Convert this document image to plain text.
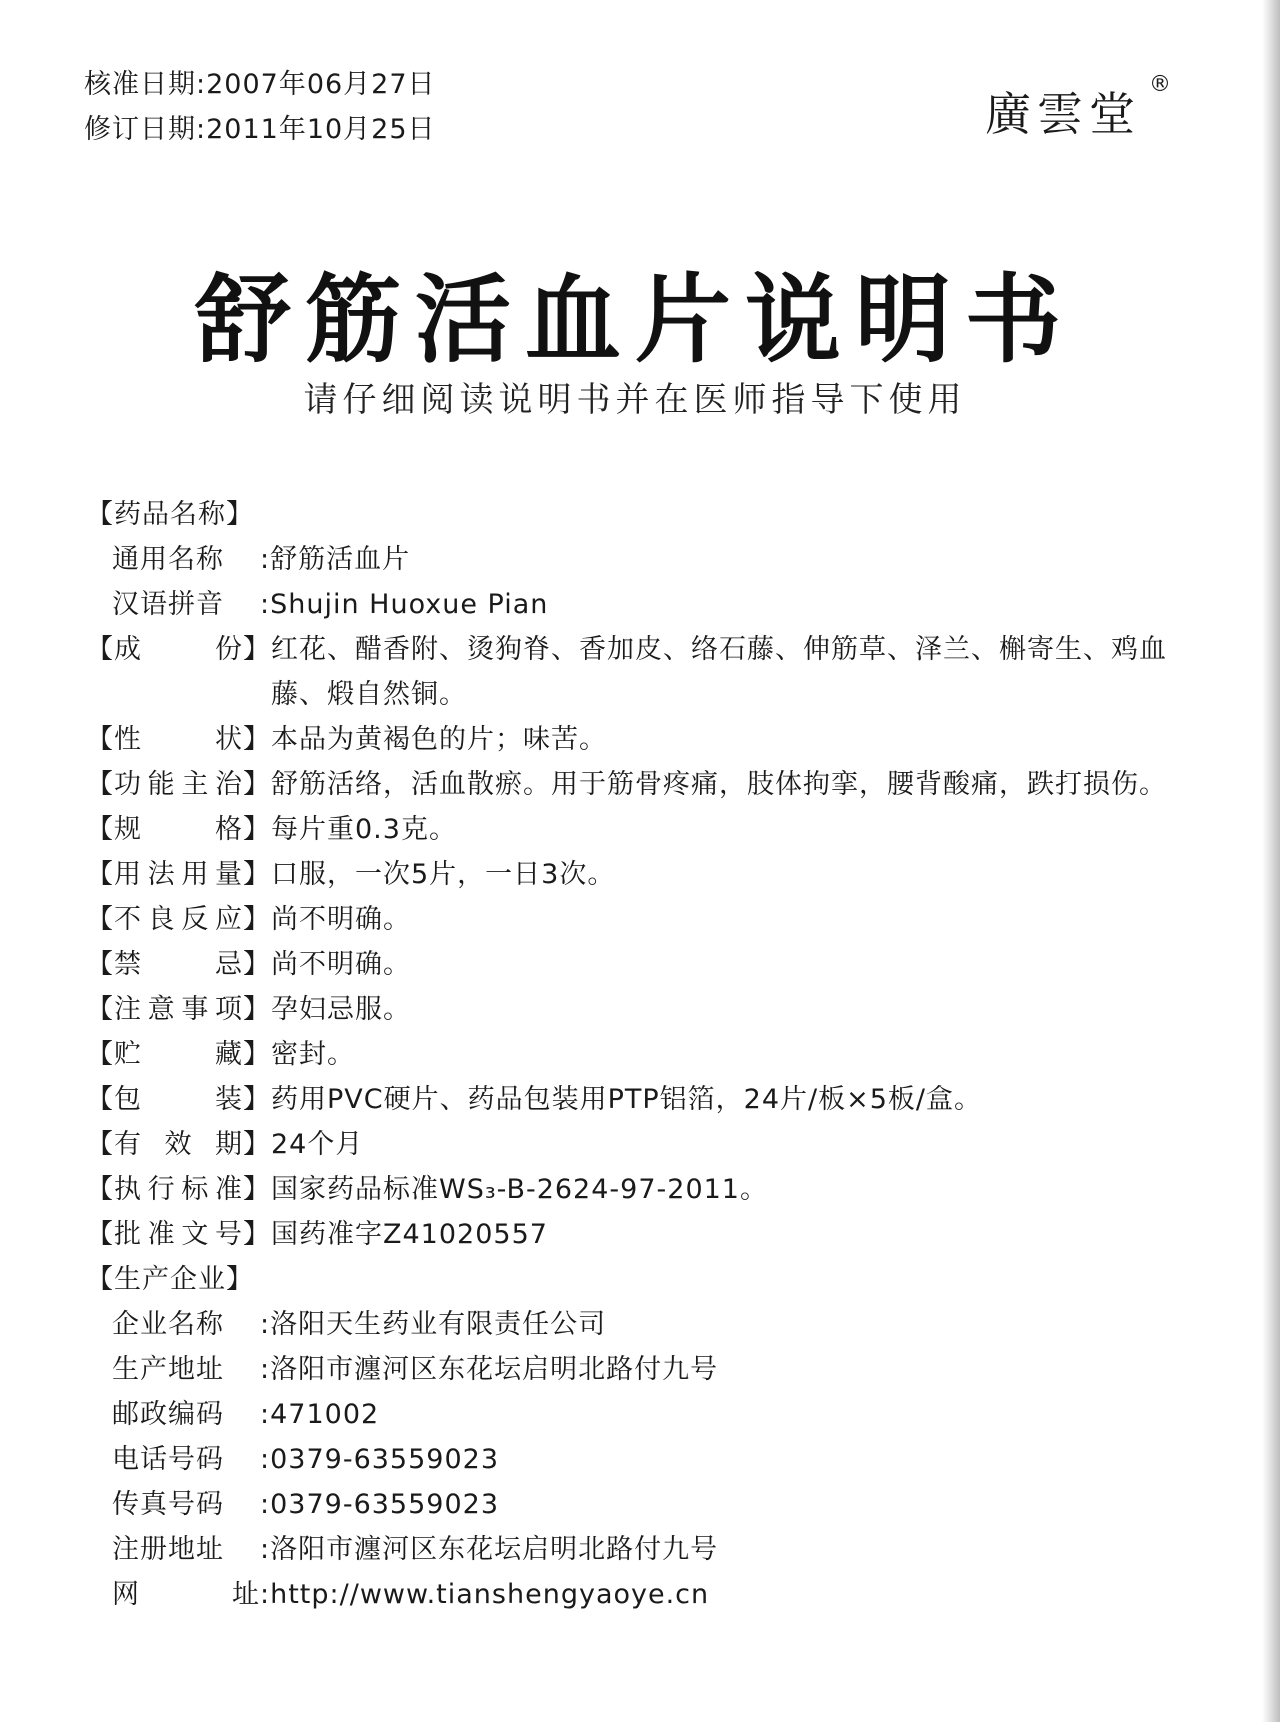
核准日期:2007年06月27日
修订日期:2011年10月25日	廣雲堂
®
舒筋活血片说明书
请仔细阅读说明书并在医师指导下使用
【药品名称】
通用名称	: 舒筋活血片
汉语拼音	: Shujin Huoxue Pian
【 成	份 】 红花、醋香附、烫狗脊、香加皮、络石藤、伸筋草、泽兰、槲寄生、鸡血藤、煅自然铜。
【 性	状 】 本品为黄褐色的片；味苦。
【 功 能 主 治 】 舒筋活络，活血散瘀。用于筋骨疼痛，肢体拘挛，腰背酸痛，跌打损伤。
【 规	格 】 每片重0.3克。
【 用 法 用 量 】 口服，一次5片，一日3次。
【 不 良 反 应 】 尚不明确。
【 禁	忌 】 尚不明确。
【 注 意 事 项 】 孕妇忌服。
【 贮	藏 】 密封。
【 包	装 】 药用PVC硬片、药品包装用PTP铝箔，24片/板×5板/盒。
【 有 效 期 】 24个月
【 执 行 标 准 】 国家药品标准WS₃-B-2624-97-2011。
【 批 准 文 号 】 国药准字Z41020557
【生产企业】
企业名称	: 洛阳天生药业有限责任公司
生产地址	: 洛阳市瀍河区东花坛启明北路付九号
邮政编码	: 471002
电话号码	: 0379-63559023
传真号码	: 0379-63559023
注册地址	: 洛阳市瀍河区东花坛启明北路付九号
网	址 : http://www.tianshengyaoye.cn
